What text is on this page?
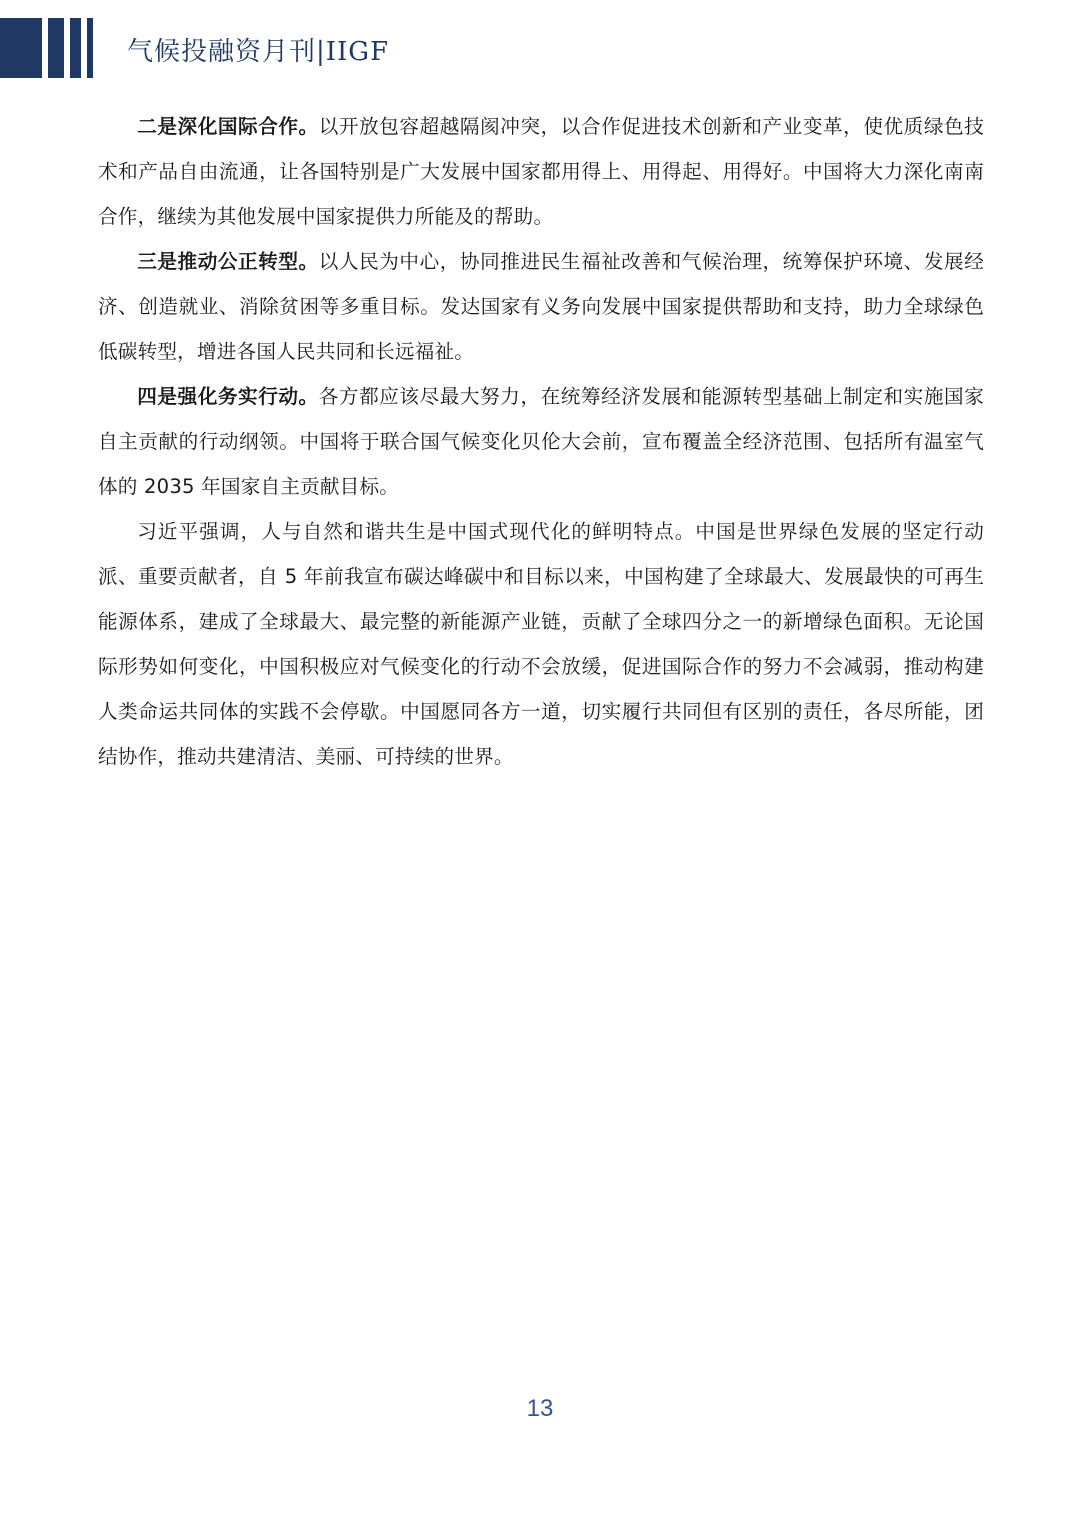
气候投融资月刊|IIGF

二是深化国际合作。以开放包容超越隔阂冲突，以合作促进技术创新和产业变革，使优质绿色技术和产品自由流通，让各国特别是广大发展中国家都用得上、用得起、用得好。中国将大力深化南南合作，继续为其他发展中国家提供力所能及的帮助。

三是推动公正转型。以人民为中心，协同推进民生福祉改善和气候治理，统筹保护环境、发展经济、创造就业、消除贫困等多重目标。发达国家有义务向发展中国家提供帮助和支持，助力全球绿色低碳转型，增进各国人民共同和长远福祉。

四是强化务实行动。各方都应该尽最大努力，在统筹经济发展和能源转型基础上制定和实施国家自主贡献的行动纲领。中国将于联合国气候变化贝伦大会前，宣布覆盖全经济范围、包括所有温室气体的 2035 年国家自主贡献目标。

习近平强调，人与自然和谐共生是中国式现代化的鲜明特点。中国是世界绿色发展的坚定行动派、重要贡献者，自 5 年前我宣布碳达峰碳中和目标以来，中国构建了全球最大、发展最快的可再生能源体系，建成了全球最大、最完整的新能源产业链，贡献了全球四分之一的新增绿色面积。无论国际形势如何变化，中国积极应对气候变化的行动不会放缓，促进国际合作的努力不会减弱，推动构建人类命运共同体的实践不会停歇。中国愿同各方一道，切实履行共同但有区别的责任，各尽所能，团结协作，推动共建清洁、美丽、可持续的世界。

13
